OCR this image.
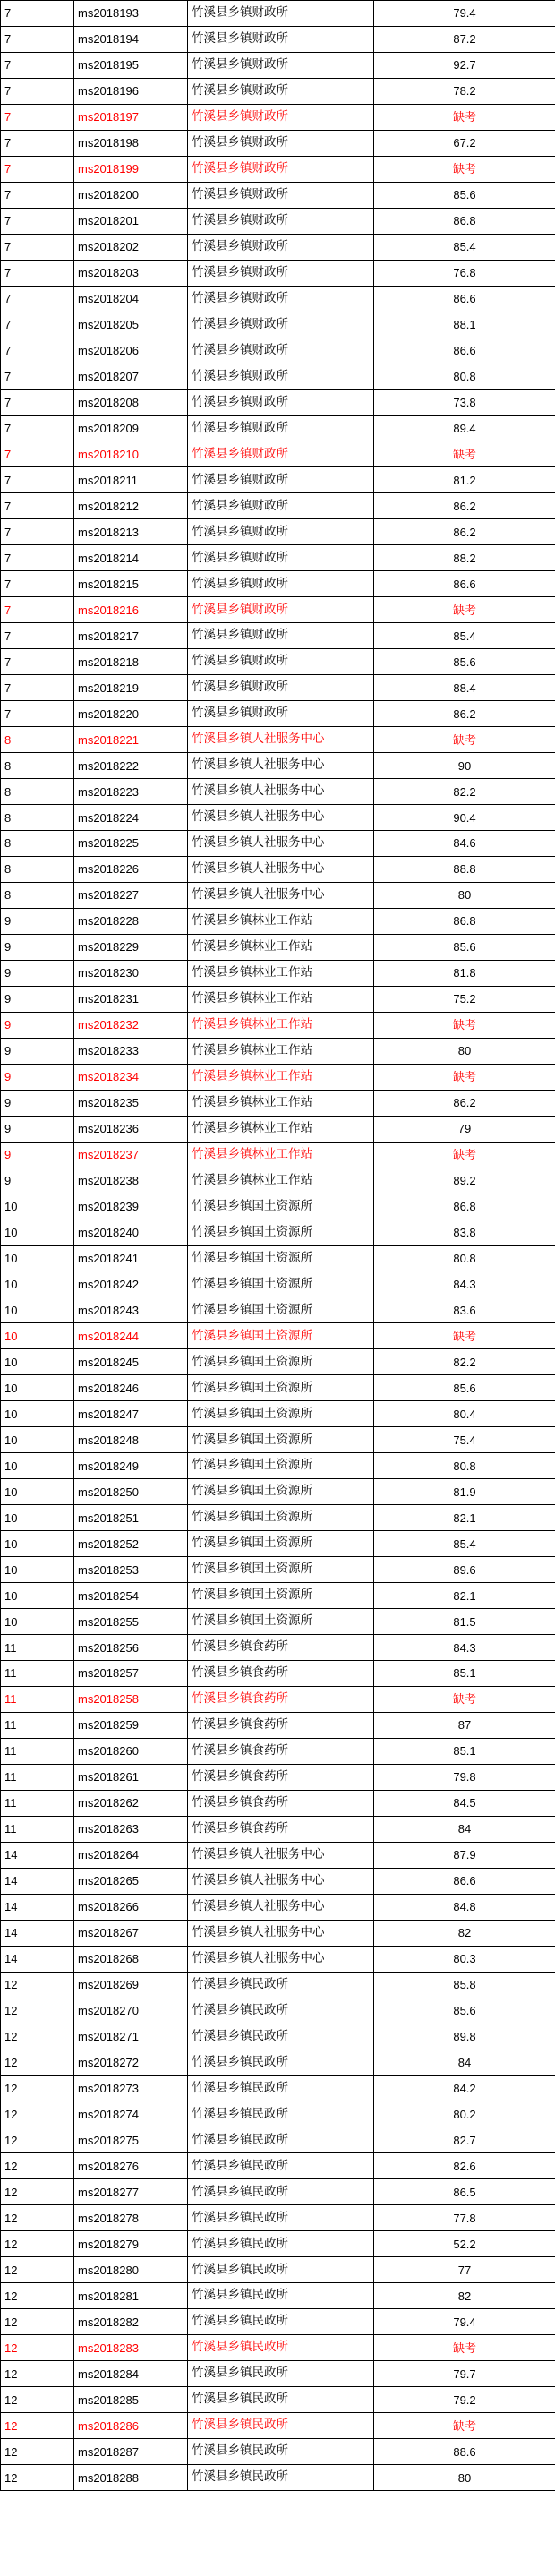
7	ms2018193	竹溪县乡镇财政所	79.4
7	ms2018194	竹溪县乡镇财政所	87.2
7	ms2018195	竹溪县乡镇财政所	92.7
7	ms2018196	竹溪县乡镇财政所	78.2
7	ms2018197	竹溪县乡镇财政所	缺考
7	ms2018198	竹溪县乡镇财政所	67.2
7	ms2018199	竹溪县乡镇财政所	缺考
7	ms2018200	竹溪县乡镇财政所	85.6
7	ms2018201	竹溪县乡镇财政所	86.8
7	ms2018202	竹溪县乡镇财政所	85.4
7	ms2018203	竹溪县乡镇财政所	76.8
7	ms2018204	竹溪县乡镇财政所	86.6
7	ms2018205	竹溪县乡镇财政所	88.1
7	ms2018206	竹溪县乡镇财政所	86.6
7	ms2018207	竹溪县乡镇财政所	80.8
7	ms2018208	竹溪县乡镇财政所	73.8
7	ms2018209	竹溪县乡镇财政所	89.4
7	ms2018210	竹溪县乡镇财政所	缺考
7	ms2018211	竹溪县乡镇财政所	81.2
7	ms2018212	竹溪县乡镇财政所	86.2
7	ms2018213	竹溪县乡镇财政所	86.2
7	ms2018214	竹溪县乡镇财政所	88.2
7	ms2018215	竹溪县乡镇财政所	86.6
7	ms2018216	竹溪县乡镇财政所	缺考
7	ms2018217	竹溪县乡镇财政所	85.4
7	ms2018218	竹溪县乡镇财政所	85.6
7	ms2018219	竹溪县乡镇财政所	88.4
7	ms2018220	竹溪县乡镇财政所	86.2
8	ms2018221	竹溪县乡镇人社服务中心	缺考
8	ms2018222	竹溪县乡镇人社服务中心	90
8	ms2018223	竹溪县乡镇人社服务中心	82.2
8	ms2018224	竹溪县乡镇人社服务中心	90.4
8	ms2018225	竹溪县乡镇人社服务中心	84.6
8	ms2018226	竹溪县乡镇人社服务中心	88.8
8	ms2018227	竹溪县乡镇人社服务中心	80
9	ms2018228	竹溪县乡镇林业工作站	86.8
9	ms2018229	竹溪县乡镇林业工作站	85.6
9	ms2018230	竹溪县乡镇林业工作站	81.8
9	ms2018231	竹溪县乡镇林业工作站	75.2
9	ms2018232	竹溪县乡镇林业工作站	缺考
9	ms2018233	竹溪县乡镇林业工作站	80
9	ms2018234	竹溪县乡镇林业工作站	缺考
9	ms2018235	竹溪县乡镇林业工作站	86.2
9	ms2018236	竹溪县乡镇林业工作站	79
9	ms2018237	竹溪县乡镇林业工作站	缺考
9	ms2018238	竹溪县乡镇林业工作站	89.2
10	ms2018239	竹溪县乡镇国土资源所	86.8
10	ms2018240	竹溪县乡镇国土资源所	83.8
10	ms2018241	竹溪县乡镇国土资源所	80.8
10	ms2018242	竹溪县乡镇国土资源所	84.3
10	ms2018243	竹溪县乡镇国土资源所	83.6
10	ms2018244	竹溪县乡镇国土资源所	缺考
10	ms2018245	竹溪县乡镇国土资源所	82.2
10	ms2018246	竹溪县乡镇国土资源所	85.6
10	ms2018247	竹溪县乡镇国土资源所	80.4
10	ms2018248	竹溪县乡镇国土资源所	75.4
10	ms2018249	竹溪县乡镇国土资源所	80.8
10	ms2018250	竹溪县乡镇国土资源所	81.9
10	ms2018251	竹溪县乡镇国土资源所	82.1
10	ms2018252	竹溪县乡镇国土资源所	85.4
10	ms2018253	竹溪县乡镇国土资源所	89.6
10	ms2018254	竹溪县乡镇国土资源所	82.1
10	ms2018255	竹溪县乡镇国土资源所	81.5
11	ms2018256	竹溪县乡镇食药所	84.3
11	ms2018257	竹溪县乡镇食药所	85.1
11	ms2018258	竹溪县乡镇食药所	缺考
11	ms2018259	竹溪县乡镇食药所	87
11	ms2018260	竹溪县乡镇食药所	85.1
11	ms2018261	竹溪县乡镇食药所	79.8
11	ms2018262	竹溪县乡镇食药所	84.5
11	ms2018263	竹溪县乡镇食药所	84
14	ms2018264	竹溪县乡镇人社服务中心	87.9
14	ms2018265	竹溪县乡镇人社服务中心	86.6
14	ms2018266	竹溪县乡镇人社服务中心	84.8
14	ms2018267	竹溪县乡镇人社服务中心	82
14	ms2018268	竹溪县乡镇人社服务中心	80.3
12	ms2018269	竹溪县乡镇民政所	85.8
12	ms2018270	竹溪县乡镇民政所	85.6
12	ms2018271	竹溪县乡镇民政所	89.8
12	ms2018272	竹溪县乡镇民政所	84
12	ms2018273	竹溪县乡镇民政所	84.2
12	ms2018274	竹溪县乡镇民政所	80.2
12	ms2018275	竹溪县乡镇民政所	82.7
12	ms2018276	竹溪县乡镇民政所	82.6
12	ms2018277	竹溪县乡镇民政所	86.5
12	ms2018278	竹溪县乡镇民政所	77.8
12	ms2018279	竹溪县乡镇民政所	52.2
12	ms2018280	竹溪县乡镇民政所	77
12	ms2018281	竹溪县乡镇民政所	82
12	ms2018282	竹溪县乡镇民政所	79.4
12	ms2018283	竹溪县乡镇民政所	缺考
12	ms2018284	竹溪县乡镇民政所	79.7
12	ms2018285	竹溪县乡镇民政所	79.2
12	ms2018286	竹溪县乡镇民政所	缺考
12	ms2018287	竹溪县乡镇民政所	88.6
12	ms2018288	竹溪县乡镇民政所	80
